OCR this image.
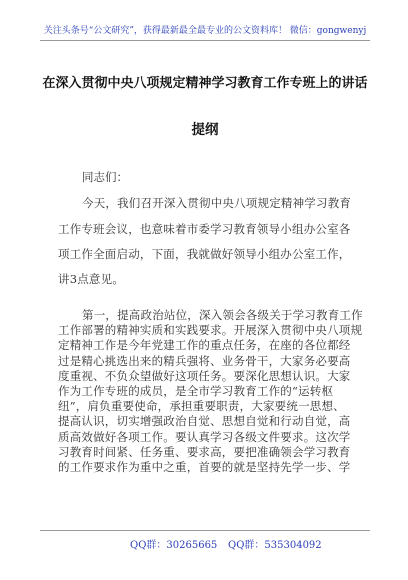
关注头条号“公文研究”，获得最新最全最专业的公文资料库！ 微信：gongwenyj
在深入贯彻中央八项规定精神学习教育工作专班上的讲话
提纲
同志们：
今天，我们召开深入贯彻中央八项规定精神学习教育
工作专班会议，也意味着市委学习教育领导小组办公室各
项工作全面启动，下面，我就做好领导小组办公室工作，
讲3点意见。
第一，提高政治站位，深入领会各级关于学习教育工作
工作部署的精神实质和实践要求。开展深入贯彻中央八项规
定精神工作是今年党建工作的重点任务，在座的各位都经
过是精心挑选出来的精兵强将、业务骨干，大家务必要高
度重视、不负众望做好这项任务。要深化思想认识。大家
作为工作专班的成员，是全市学习教育工作的“运转枢
纽”，肩负重要使命，承担重要职责，大家要统一思想、
提高认识，切实增强政治自觉、思想自觉和行动自觉，高
质高效做好各项工作。要认真学习各级文件要求。这次学
QQ群：30265665 QQ群：535304092
习教育时间紧、任务重、要求高，要把准确领会学习教育
的工作要求作为重中之重，首要的就是坚持先学一步、学
